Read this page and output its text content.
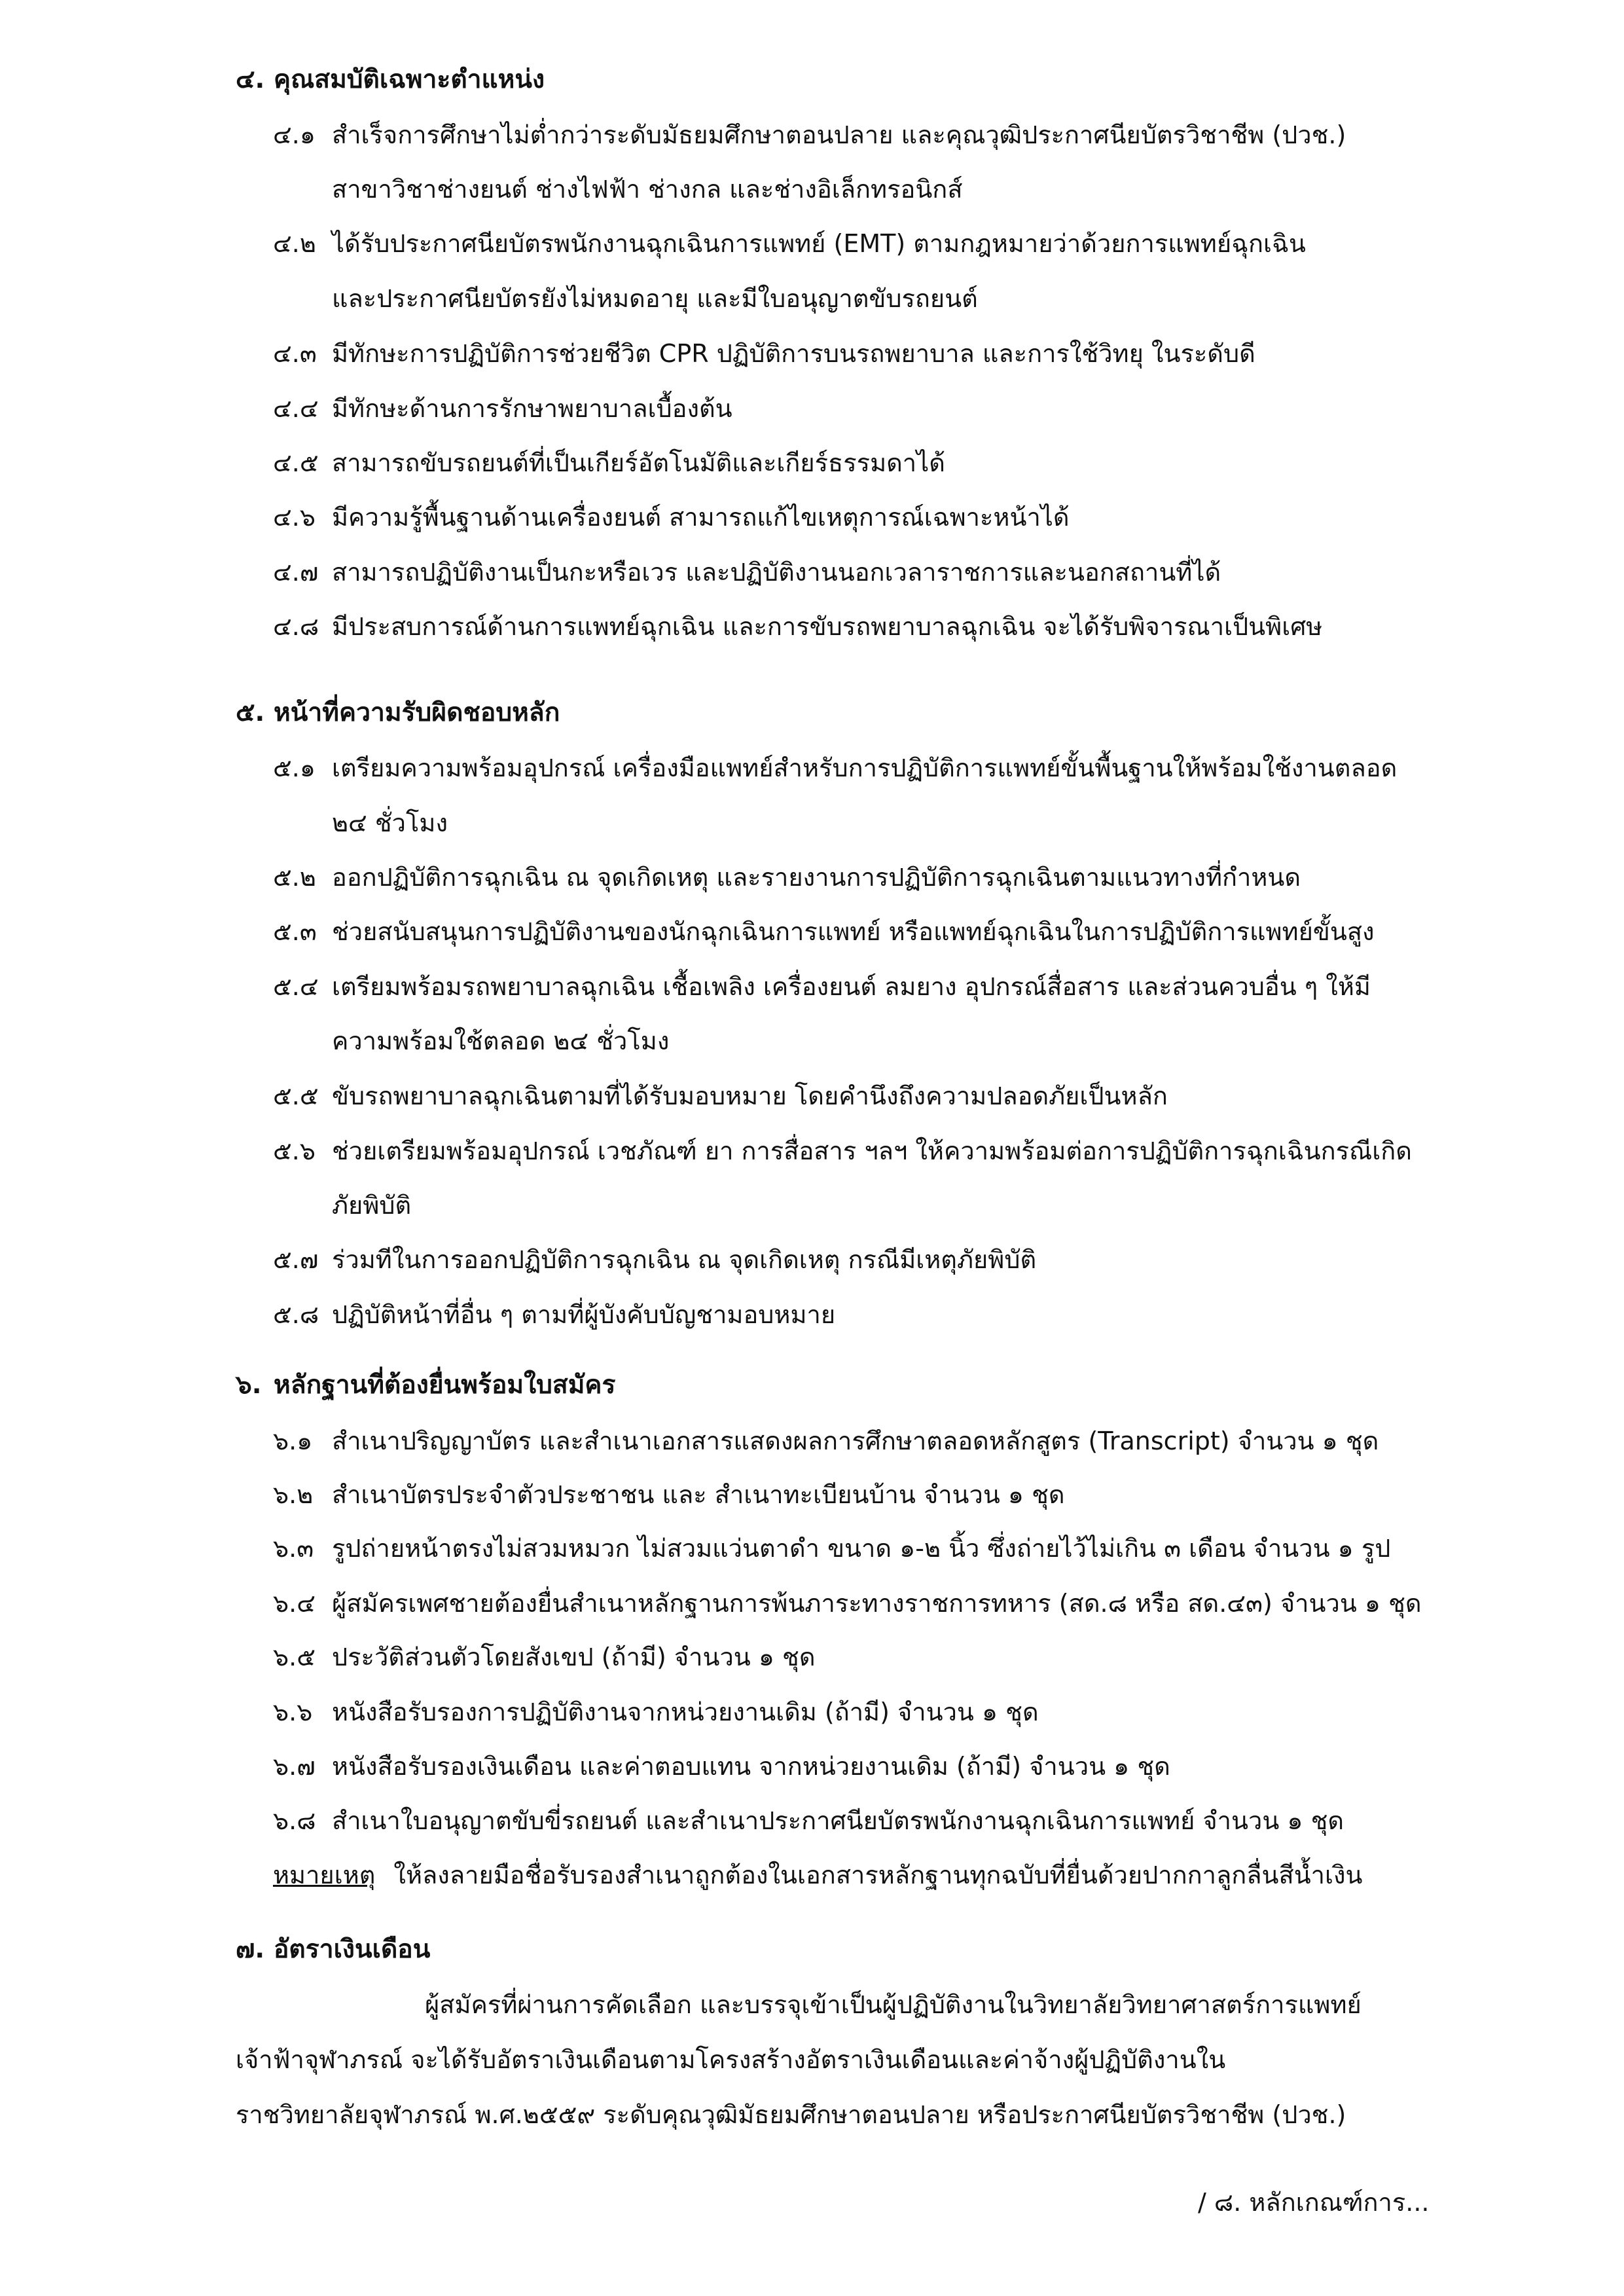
๔. คุณสมบัติเฉพาะตำแหน่ง
๔.๑ สำเร็จการศึกษาไม่ต่ำกว่าระดับมัธยมศึกษาตอนปลาย และคุณวุฒิประกาศนียบัตรวิชาชีพ (ปวช.)
สาขาวิชาช่างยนต์ ช่างไฟฟ้า ช่างกล และช่างอิเล็กทรอนิกส์
๔.๒ ได้รับประกาศนียบัตรพนักงานฉุกเฉินการแพทย์ (EMT) ตามกฎหมายว่าด้วยการแพทย์ฉุกเฉิน
และประกาศนียบัตรยังไม่หมดอายุ และมีใบอนุญาตขับรถยนต์
๔.๓ มีทักษะการปฏิบัติการช่วยชีวิต CPR ปฏิบัติการบนรถพยาบาล และการใช้วิทยุ ในระดับดี
๔.๔ มีทักษะด้านการรักษาพยาบาลเบื้องต้น
๔.๕ สามารถขับรถยนต์ที่เป็นเกียร์อัตโนมัติและเกียร์ธรรมดาได้
๔.๖ มีความรู้พื้นฐานด้านเครื่องยนต์ สามารถแก้ไขเหตุการณ์เฉพาะหน้าได้
๔.๗ สามารถปฏิบัติงานเป็นกะหรือเวร และปฏิบัติงานนอกเวลาราชการและนอกสถานที่ได้
๔.๘ มีประสบการณ์ด้านการแพทย์ฉุกเฉิน และการขับรถพยาบาลฉุกเฉิน จะได้รับพิจารณาเป็นพิเศษ
๕. หน้าที่ความรับผิดชอบหลัก
๕.๑ เตรียมความพร้อมอุปกรณ์ เครื่องมือแพทย์สำหรับการปฏิบัติการแพทย์ขั้นพื้นฐานให้พร้อมใช้งานตลอด
๒๔ ชั่วโมง
๕.๒ ออกปฏิบัติการฉุกเฉิน ณ จุดเกิดเหตุ และรายงานการปฏิบัติการฉุกเฉินตามแนวทางที่กำหนด
๕.๓ ช่วยสนับสนุนการปฏิบัติงานของนักฉุกเฉินการแพทย์ หรือแพทย์ฉุกเฉินในการปฏิบัติการแพทย์ขั้นสูง
๕.๔ เตรียมพร้อมรถพยาบาลฉุกเฉิน เชื้อเพลิง เครื่องยนต์ ลมยาง อุปกรณ์สื่อสาร และส่วนควบอื่น ๆ ให้มี
ความพร้อมใช้ตลอด ๒๔ ชั่วโมง
๕.๕ ขับรถพยาบาลฉุกเฉินตามที่ได้รับมอบหมาย โดยคำนึงถึงความปลอดภัยเป็นหลัก
๕.๖ ช่วยเตรียมพร้อมอุปกรณ์ เวชภัณฑ์ ยา การสื่อสาร ฯลฯ ให้ความพร้อมต่อการปฏิบัติการฉุกเฉินกรณีเกิด
ภัยพิบัติ
๕.๗ ร่วมทีในการออกปฏิบัติการฉุกเฉิน ณ จุดเกิดเหตุ กรณีมีเหตุภัยพิบัติ
๕.๘ ปฏิบัติหน้าที่อื่น ๆ ตามที่ผู้บังคับบัญชามอบหมาย
๖. หลักฐานที่ต้องยื่นพร้อมใบสมัคร
๖.๑ สำเนาปริญญาบัตร และสำเนาเอกสารแสดงผลการศึกษาตลอดหลักสูตร (Transcript) จำนวน ๑ ชุด
๖.๒ สำเนาบัตรประจำตัวประชาชน และ สำเนาทะเบียนบ้าน จำนวน ๑ ชุด
๖.๓ รูปถ่ายหน้าตรงไม่สวมหมวก ไม่สวมแว่นตาดำ ขนาด ๑-๒ นิ้ว ซึ่งถ่ายไว้ไม่เกิน ๓ เดือน จำนวน ๑ รูป
๖.๔ ผู้สมัครเพศชายต้องยื่นสำเนาหลักฐานการพ้นภาระทางราชการทหาร (สด.๘ หรือ สด.๔๓) จำนวน ๑ ชุด
๖.๕ ประวัติส่วนตัวโดยสังเขป (ถ้ามี) จำนวน ๑ ชุด
๖.๖ หนังสือรับรองการปฏิบัติงานจากหน่วยงานเดิม (ถ้ามี) จำนวน ๑ ชุด
๖.๗ หนังสือรับรองเงินเดือน และค่าตอบแทน จากหน่วยงานเดิม (ถ้ามี) จำนวน ๑ ชุด
๖.๘ สำเนาใบอนุญาตขับขี่รถยนต์ และสำเนาประกาศนียบัตรพนักงานฉุกเฉินการแพทย์ จำนวน ๑ ชุด
หมายเหตุ ให้ลงลายมือชื่อรับรองสำเนาถูกต้องในเอกสารหลักฐานทุกฉบับที่ยื่นด้วยปากกาลูกลื่นสีน้ำเงิน
๗. อัตราเงินเดือน
ผู้สมัครที่ผ่านการคัดเลือก และบรรจุเข้าเป็นผู้ปฏิบัติงานในวิทยาลัยวิทยาศาสตร์การแพทย์
เจ้าฟ้าจุฬาภรณ์ จะได้รับอัตราเงินเดือนตามโครงสร้างอัตราเงินเดือนและค่าจ้างผู้ปฏิบัติงานใน
ราชวิทยาลัยจุฬาภรณ์ พ.ศ.๒๕๕๙ ระดับคุณวุฒิมัธยมศึกษาตอนปลาย หรือประกาศนียบัตรวิชาชีพ (ปวช.)
/ ๘. หลักเกณฑ์การ...
